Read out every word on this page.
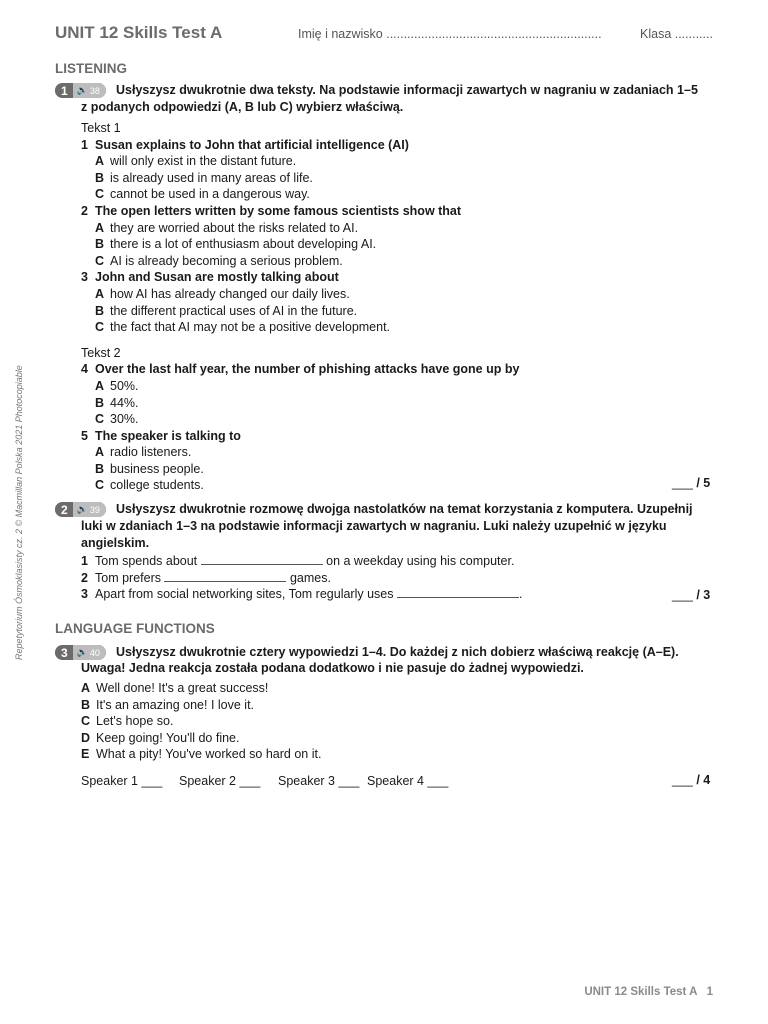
UNIT 12 Skills Test A	Imię i nazwisko ..............................................................	Klasa ...........
Repetytorium Ósmoklasisty cz. 2 © Macmillan Polska 2021 Photocopiable
LISTENING
1	🔈 38 Usłyszysz dwukrotnie dwa teksty. Na podstawie informacji zawartych w nagraniu w zadaniach 1–5
z podanych odpowiedzi (A, B lub C) wybierz właściwą.
Tekst 1
1 Susan explains to John that artificial intelligence (AI)
A will only exist in the distant future.
B is already used in many areas of life.
C cannot be used in a dangerous way.
2 The open letters written by some famous scientists show that
A they are worried about the risks related to AI.
B there is a lot of enthusiasm about developing AI.
C AI is already becoming a serious problem.
3 John and Susan are mostly talking about
A how AI has already changed our daily lives.
B the different practical uses of AI in the future.
C the fact that AI may not be a positive development.
Tekst 2
4 Over the last half year, the number of phishing attacks have gone up by
A 50%.
B 44%.
C 30%.
5 The speaker is talking to
A radio listeners.
B business people.
C college students.	___ / 5
2	🔈 39 Usłyszysz dwukrotnie rozmowę dwojga nastolatków na temat korzystania z komputera. Uzupełnij
luki w zdaniach 1–3 na podstawie informacji zawartych w nagraniu. Luki należy uzupełnić w języku
angielskim.
1 Tom spends about	on a weekday using his computer.
2 Tom prefers	games.
3 Apart from social networking sites, Tom regularly uses	.	___ / 3
LANGUAGE FUNCTIONS
3	🔈 40 Usłyszysz dwukrotnie cztery wypowiedzi 1–4. Do każdej z nich dobierz właściwą reakcję (A–E).
Uwaga! Jedna reakcja została podana dodatkowo i nie pasuje do żadnej wypowiedzi.
A Well done! It's a great success!
B It's an amazing one! I love it.
C Let's hope so.
D Keep going! You'll do fine.
E What a pity! You've worked so hard on it.
Speaker 1 ___ Speaker 2 ___ Speaker 3 ___ Speaker 4 ___	___ / 4
UNIT 12 Skills Test A   1
